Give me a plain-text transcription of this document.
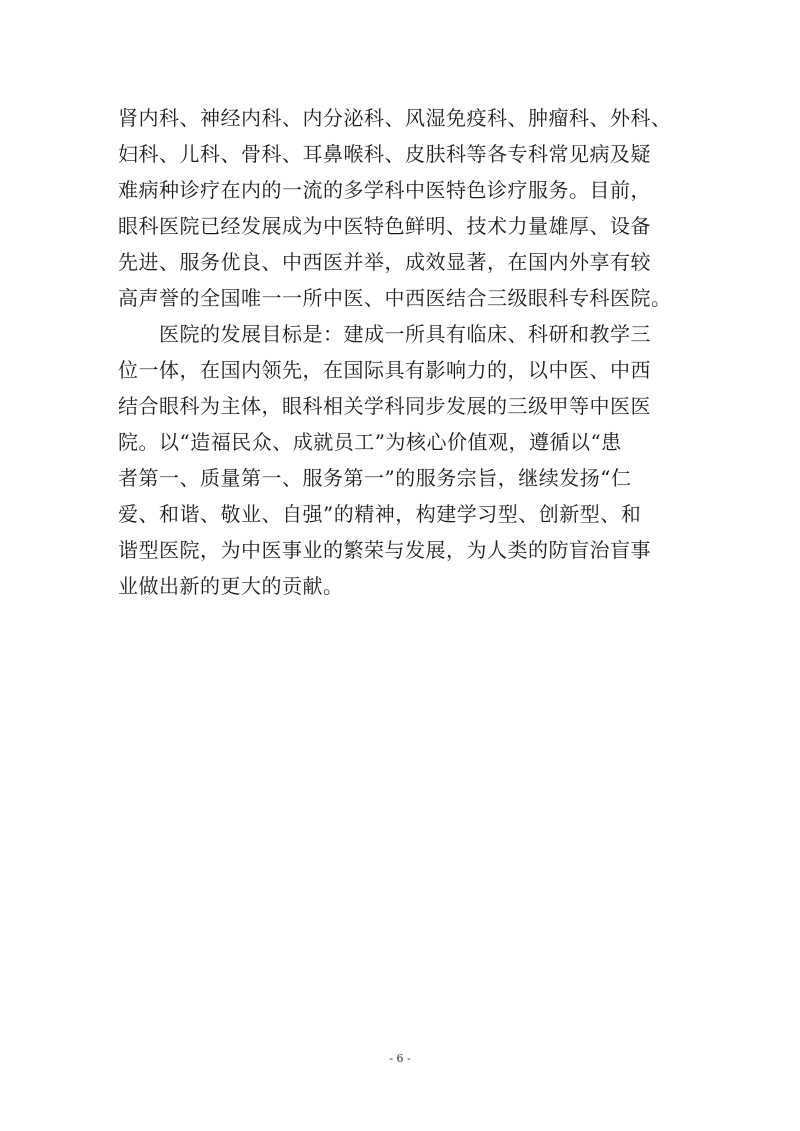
肾内科、神经内科、内分泌科、风湿免疫科、肿瘤科、外科、
妇科、儿科、骨科、耳鼻喉科、皮肤科等各专科常见病及疑
难病种诊疗在内的一流的多学科中医特色诊疗服务。目前，
眼科医院已经发展成为中医特色鲜明、技术力量雄厚、设备
先进、服务优良、中西医并举，成效显著，在国内外享有较
高声誉的全国唯一一所中医、中西医结合三级眼科专科医院。
　　医院的发展目标是：建成一所具有临床、科研和教学三
位一体，在国内领先，在国际具有影响力的，以中医、中西
结合眼科为主体，眼科相关学科同步发展的三级甲等中医医
院。以“造福民众、成就员工”为核心价值观，遵循以“患
者第一、质量第一、服务第一”的服务宗旨，继续发扬“仁
爱、和谐、敬业、自强”的精神，构建学习型、创新型、和
谐型医院，为中医事业的繁荣与发展，为人类的防盲治盲事
业做出新的更大的贡献。
- 6 -
